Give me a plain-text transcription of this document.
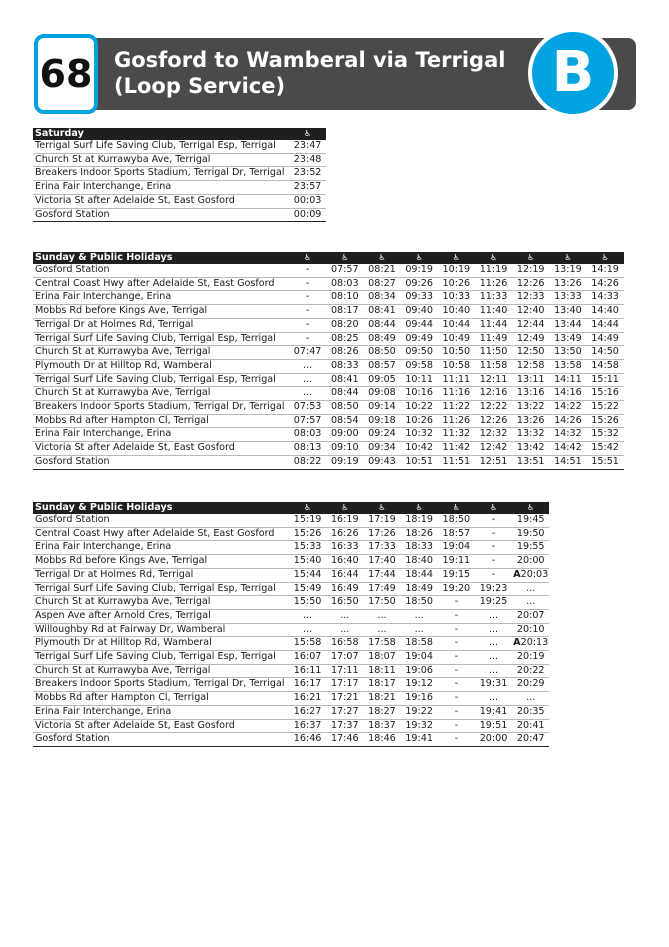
68 Gosford to Wamberal via Terrigal
(Loop Service)	B
Saturday	♿

Terrigal Surf Life Saving Club, Terrigal Esp, Terrigal	23:47

Church St at Kurrawyba Ave, Terrigal	23:48

Breakers Indoor Sports Stadium, Terrigal Dr, Terrigal	23:52

Erina Fair Interchange, Erina	23:57

Victoria St after Adelaide St, East Gosford	00:03

Gosford Station	00:09
Sunday & Public Holidays	♿	♿	♿	♿	♿	♿	♿	♿	♿

Gosford Station	-	07:57	08:21	09:19	10:19	11:19	12:19	13:19	14:19

Central Coast Hwy after Adelaide St, East Gosford	-	08:03	08:27	09:26	10:26	11:26	12:26	13:26	14:26

Erina Fair Interchange, Erina	-	08:10	08:34	09:33	10:33	11:33	12:33	13:33	14:33

Mobbs Rd before Kings Ave, Terrigal	-	08:17	08:41	09:40	10:40	11:40	12:40	13:40	14:40

Terrigal Dr at Holmes Rd, Terrigal	-	08:20	08:44	09:44	10:44	11:44	12:44	13:44	14:44

Terrigal Surf Life Saving Club, Terrigal Esp, Terrigal	-	08:25	08:49	09:49	10:49	11:49	12:49	13:49	14:49

Church St at Kurrawyba Ave, Terrigal	07:47	08:26	08:50	09:50	10:50	11:50	12:50	13:50	14:50

Plymouth Dr at Hilltop Rd, Wamberal	...	08:33	08:57	09:58	10:58	11:58	12:58	13:58	14:58

Terrigal Surf Life Saving Club, Terrigal Esp, Terrigal	...	08:41	09:05	10:11	11:11	12:11	13:11	14:11	15:11

Church St at Kurrawyba Ave, Terrigal	...	08:44	09:08	10:16	11:16	12:16	13:16	14:16	15:16

Breakers Indoor Sports Stadium, Terrigal Dr, Terrigal	07:53	08:50	09:14	10:22	11:22	12:22	13:22	14:22	15:22

Mobbs Rd after Hampton Cl, Terrigal	07:57	08:54	09:18	10:26	11:26	12:26	13:26	14:26	15:26

Erina Fair Interchange, Erina	08:03	09:00	09:24	10:32	11:32	12:32	13:32	14:32	15:32

Victoria St after Adelaide St, East Gosford	08:13	09:10	09:34	10:42	11:42	12:42	13:42	14:42	15:42

Gosford Station	08:22	09:19	09:43	10:51	11:51	12:51	13:51	14:51	15:51
Sunday & Public Holidays	♿	♿	♿	♿	♿	♿	♿

Gosford Station	15:19	16:19	17:19	18:19	18:50	-	19:45

Central Coast Hwy after Adelaide St, East Gosford	15:26	16:26	17:26	18:26	18:57	-	19:50

Erina Fair Interchange, Erina	15:33	16:33	17:33	18:33	19:04	-	19:55

Mobbs Rd before Kings Ave, Terrigal	15:40	16:40	17:40	18:40	19:11	-	20:00

Terrigal Dr at Holmes Rd, Terrigal	15:44	16:44	17:44	18:44	19:15	-	A20:03

Terrigal Surf Life Saving Club, Terrigal Esp, Terrigal	15:49	16:49	17:49	18:49	19:20	19:23	...

Church St at Kurrawyba Ave, Terrigal	15:50	16:50	17:50	18:50	-	19:25	...

Aspen Ave after Arnold Cres, Terrigal	...	...	...	...	-	...	20:07

Willoughby Rd at Fairway Dr, Wamberal	...	...	...	...	-	...	20:10

Plymouth Dr at Hilltop Rd, Wamberal	15:58	16:58	17:58	18:58	-	...	A20:13

Terrigal Surf Life Saving Club, Terrigal Esp, Terrigal	16:07	17:07	18:07	19:04	-	...	20:19

Church St at Kurrawyba Ave, Terrigal	16:11	17:11	18:11	19:06	-	...	20:22

Breakers Indoor Sports Stadium, Terrigal Dr, Terrigal	16:17	17:17	18:17	19:12	-	19:31	20:29

Mobbs Rd after Hampton Cl, Terrigal	16:21	17:21	18:21	19:16	-	...	...

Erina Fair Interchange, Erina	16:27	17:27	18:27	19:22	-	19:41	20:35

Victoria St after Adelaide St, East Gosford	16:37	17:37	18:37	19:32	-	19:51	20:41

Gosford Station	16:46	17:46	18:46	19:41	-	20:00	20:47
